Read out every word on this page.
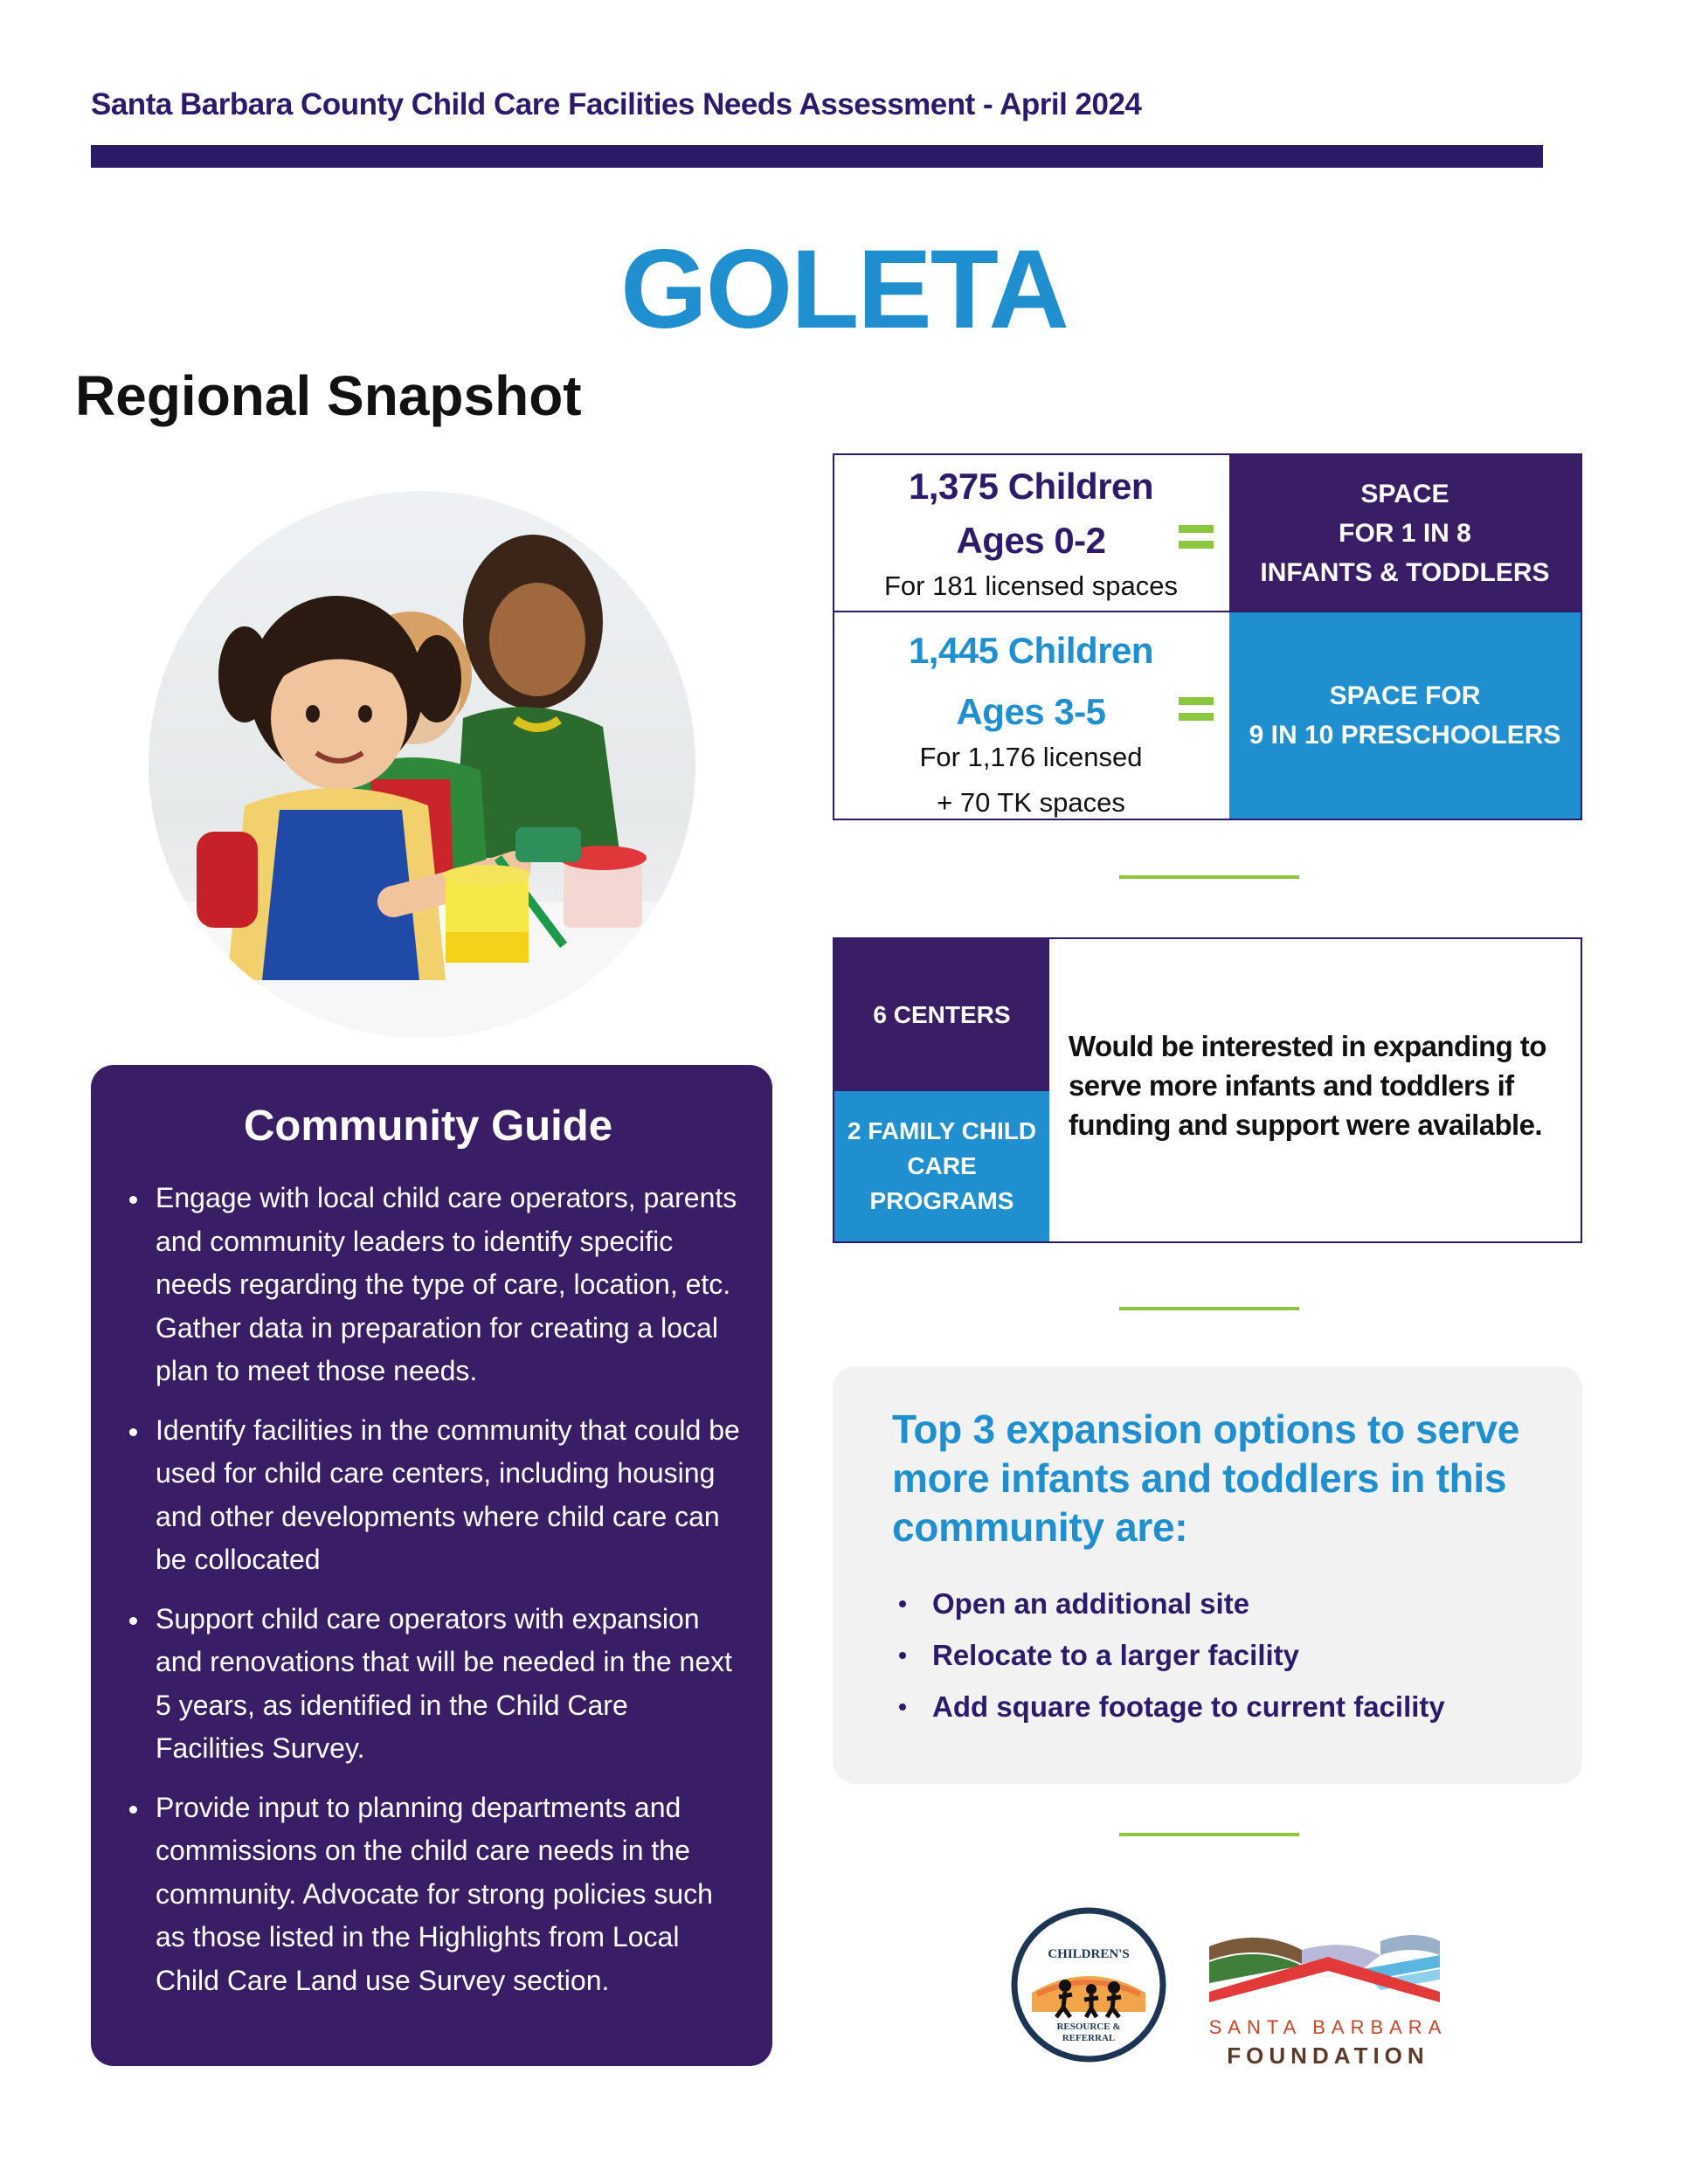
Santa Barbara County Child Care Facilities Needs Assessment - April 2024
GOLETA
Regional Snapshot
Community Guide
Engage with local child care operators, parents and community leaders to identify specific needs regarding the type of care, location, etc. Gather data in preparation for creating a local plan to meet those needs.
Identify facilities in the community that could be used for child care centers, including housing and other developments where child care can be collocated
Support child care operators with expansion and renovations that will be needed in the next 5 years, as identified in the Child Care Facilities Survey.
Provide input to planning departments and commissions on the child care needs in the community. Advocate for strong policies such as those listed in the Highlights from Local Child Care Land use Survey section.
1,375 Children
Ages 0-2
For 181 licensed spaces
SPACE
FOR 1 IN 8
INFANTS & TODDLERS
1,445 Children
Ages 3-5
For 1,176 licensed
+ 70 TK spaces
SPACE FOR
9 IN 10 PRESCHOOLERS
6 CENTERS
2 FAMILY CHILD CARE PROGRAMS
Would be interested in expanding to serve more infants and toddlers if funding and support were available.
Top 3 expansion options to serve more infants and toddlers in this community are:
Open an additional site
Relocate to a larger facility
Add square footage to current facility
CHILDREN'S
RESOURCE &
REFERRAL	SANTA BARBARA
FOUNDATION
